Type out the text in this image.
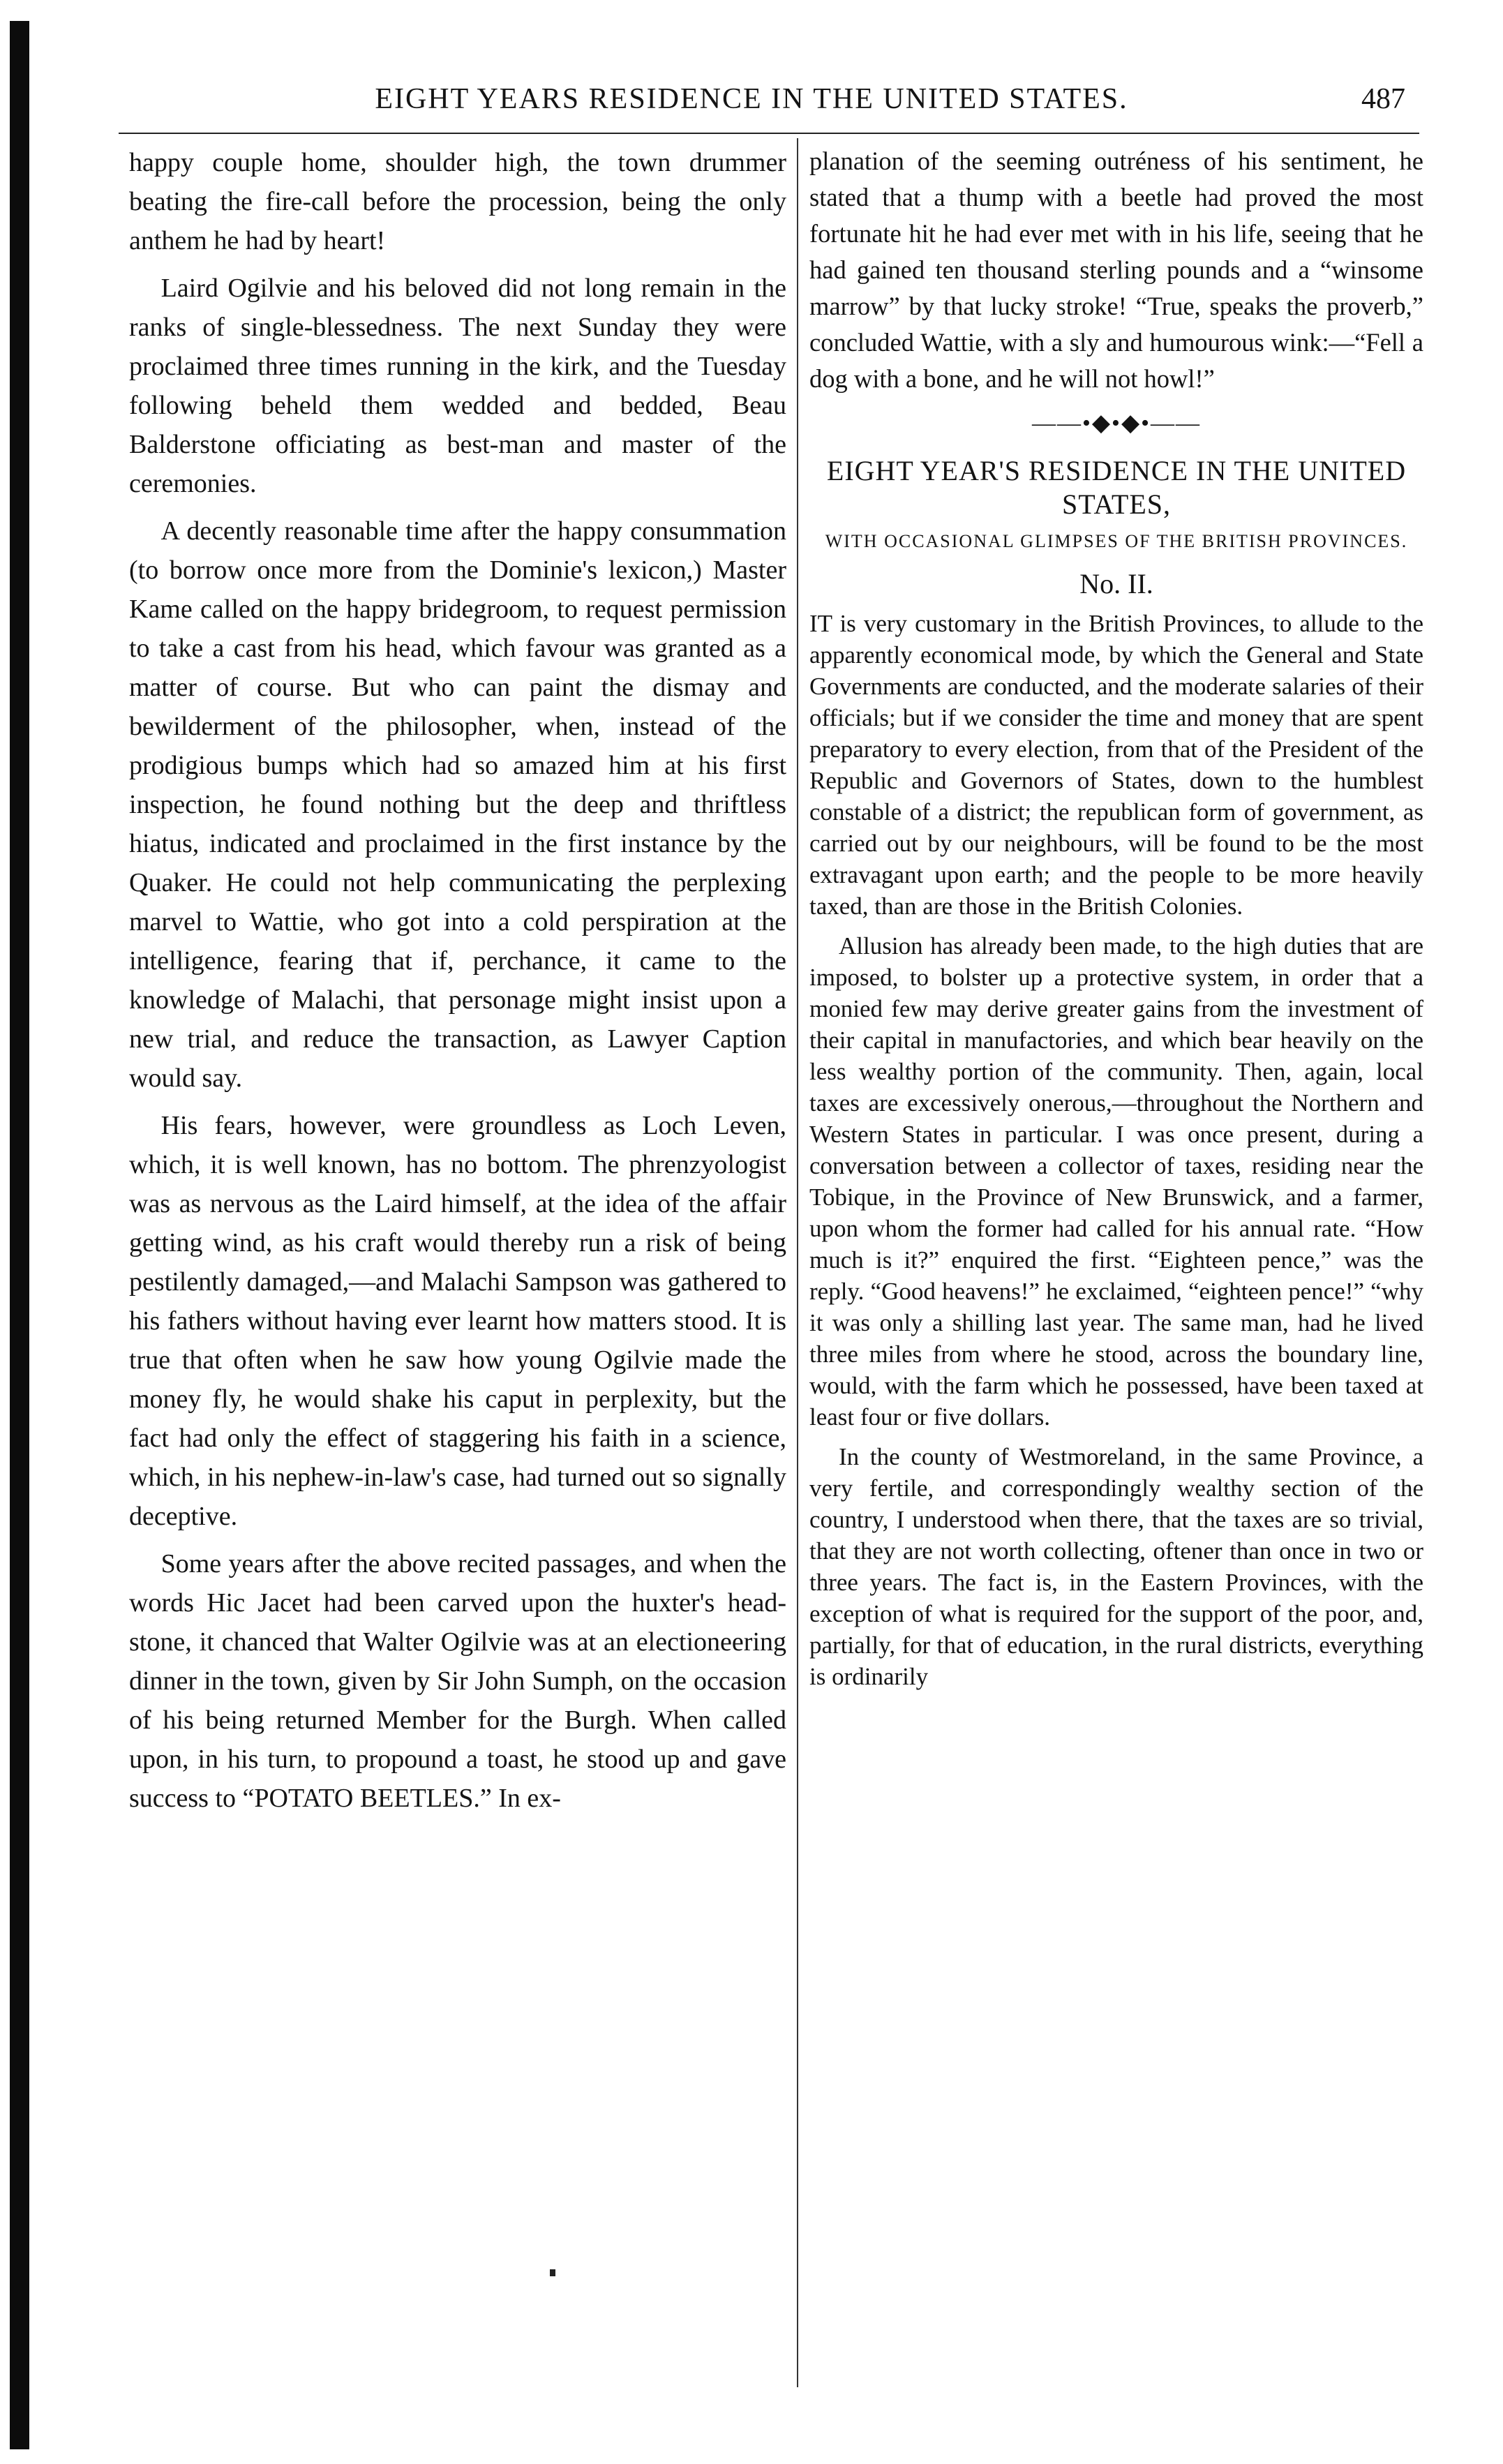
EIGHT YEARS RESIDENCE IN THE UNITED STATES.	487

happy couple home, shoulder high, the town drummer beating the fire-call before the procession, being the only anthem he had by heart!

Laird Ogilvie and his beloved did not long remain in the ranks of single-blessedness. The next Sunday they were proclaimed three times running in the kirk, and the Tuesday following beheld them wedded and bedded, Beau Balderstone officiating as best-man and master of the ceremonies.

A decently reasonable time after the happy consummation (to borrow once more from the Dominie's lexicon,) Master Kame called on the happy bridegroom, to request permission to take a cast from his head, which favour was granted as a matter of course. But who can paint the dismay and bewilderment of the philosopher, when, instead of the prodigious bumps which had so amazed him at his first inspection, he found nothing but the deep and thriftless hiatus, indicated and proclaimed in the first instance by the Quaker. He could not help communicating the perplexing marvel to Wattie, who got into a cold perspiration at the intelligence, fearing that if, perchance, it came to the knowledge of Malachi, that personage might insist upon a new trial, and reduce the transaction, as Lawyer Caption would say.

His fears, however, were groundless as Loch Leven, which, it is well known, has no bottom. The phrenzyologist was as nervous as the Laird himself, at the idea of the affair getting wind, as his craft would thereby run a risk of being pestilently damaged,—and Malachi Sampson was gathered to his fathers without having ever learnt how matters stood. It is true that often when he saw how young Ogilvie made the money fly, he would shake his caput in perplexity, but the fact had only the effect of staggering his faith in a science, which, in his nephew-in-law's case, had turned out so signally deceptive.

Some years after the above recited passages, and when the words Hic Jacet had been carved upon the huxter's head-stone, it chanced that Walter Ogilvie was at an electioneering dinner in the town, given by Sir John Sumph, on the occasion of his being returned Member for the Burgh. When called upon, in his turn, to propound a toast, he stood up and gave success to “POTATO BEETLES.” In ex-

planation of the seeming outréness of his sentiment, he stated that a thump with a beetle had proved the most fortunate hit he had ever met with in his life, seeing that he had gained ten thousand sterling pounds and a “winsome marrow” by that lucky stroke! “True, speaks the proverb,” concluded Wattie, with a sly and humourous wink:—“Fell a dog with a bone, and he will not howl!”

——•◆•◆•——
EIGHT YEAR'S RESIDENCE IN THE UNITED STATES,
WITH OCCASIONAL GLIMPSES OF THE BRITISH PROVINCES.
No. II.

IT is very customary in the British Provinces, to allude to the apparently economical mode, by which the General and State Governments are conducted, and the moderate salaries of their officials; but if we consider the time and money that are spent preparatory to every election, from that of the President of the Republic and Governors of States, down to the humblest constable of a district; the republican form of government, as carried out by our neighbours, will be found to be the most extravagant upon earth; and the people to be more heavily taxed, than are those in the British Colonies.

Allusion has already been made, to the high duties that are imposed, to bolster up a protective system, in order that a monied few may derive greater gains from the investment of their capital in manufactories, and which bear heavily on the less wealthy portion of the community. Then, again, local taxes are excessively onerous,—throughout the Northern and Western States in particular. I was once present, during a conversation between a collector of taxes, residing near the Tobique, in the Province of New Brunswick, and a farmer, upon whom the former had called for his annual rate. “How much is it?” enquired the first. “Eighteen pence,” was the reply. “Good heavens!” he exclaimed, “eighteen pence!” “why it was only a shilling last year. The same man, had he lived three miles from where he stood, across the boundary line, would, with the farm which he possessed, have been taxed at least four or five dollars.

In the county of Westmoreland, in the same Province, a very fertile, and correspondingly wealthy section of the country, I understood when there, that the taxes are so trivial, that they are not worth collecting, oftener than once in two or three years. The fact is, in the Eastern Provinces, with the exception of what is required for the support of the poor, and, partially, for that of education, in the rural districts, everything is ordinarily
